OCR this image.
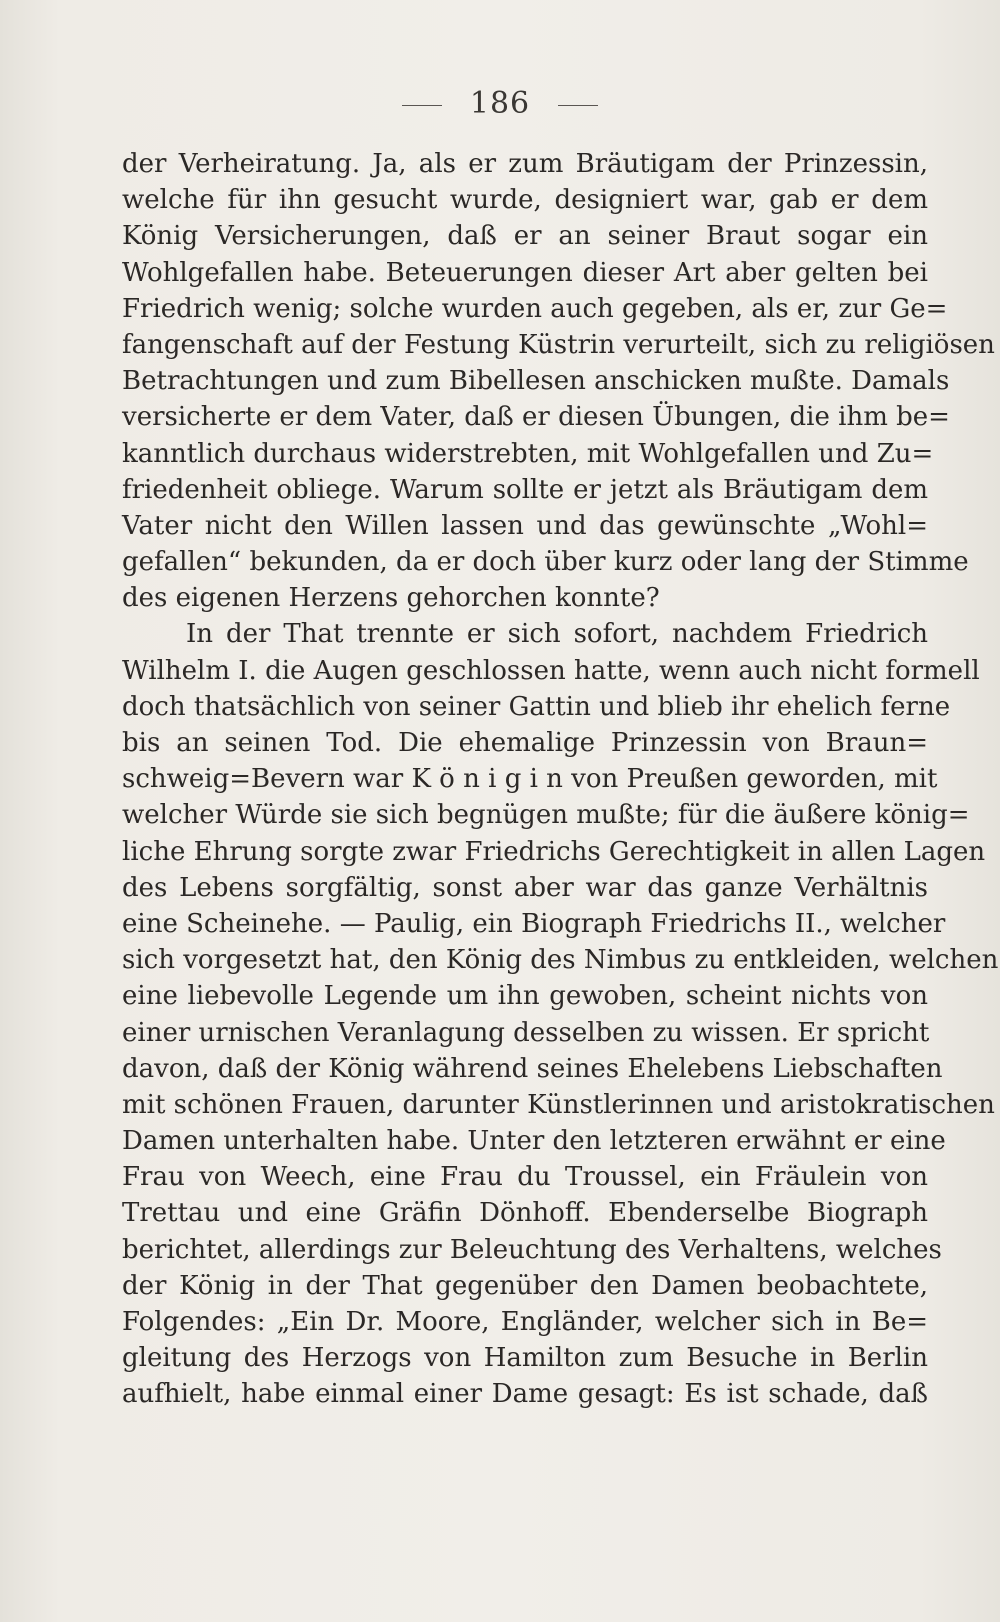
186
der Verheiratung. Ja, als er zum Bräutigam der Prinzessin,
welche für ihn gesucht wurde, designiert war, gab er dem
König Versicherungen, daß er an seiner Braut sogar ein
Wohlgefallen habe. Beteuerungen dieser Art aber gelten bei
Friedrich wenig; solche wurden auch gegeben, als er, zur Ge=
fangenschaft auf der Festung Küstrin verurteilt, sich zu religiösen
Betrachtungen und zum Bibellesen anschicken mußte. Damals
versicherte er dem Vater, daß er diesen Übungen, die ihm be=
kanntlich durchaus widerstrebten, mit Wohlgefallen und Zu=
friedenheit obliege. Warum sollte er jetzt als Bräutigam dem
Vater nicht den Willen lassen und das gewünschte „Wohl=
gefallen“ bekunden, da er doch über kurz oder lang der Stimme
des eigenen Herzens gehorchen konnte?
In der That trennte er sich sofort, nachdem Friedrich
Wilhelm I. die Augen geschlossen hatte, wenn auch nicht formell
doch thatsächlich von seiner Gattin und blieb ihr ehelich ferne
bis an seinen Tod. Die ehemalige Prinzessin von Braun=
schweig=Bevern war K ö n i g i n von Preußen geworden, mit
welcher Würde sie sich begnügen mußte; für die äußere könig=
liche Ehrung sorgte zwar Friedrichs Gerechtigkeit in allen Lagen
des Lebens sorgfältig, sonst aber war das ganze Verhältnis
eine Scheinehe. — Paulig, ein Biograph Friedrichs II., welcher
sich vorgesetzt hat, den König des Nimbus zu entkleiden, welchen
eine liebevolle Legende um ihn gewoben, scheint nichts von
einer urnischen Veranlagung desselben zu wissen. Er spricht
davon, daß der König während seines Ehelebens Liebschaften
mit schönen Frauen, darunter Künstlerinnen und aristokratischen
Damen unterhalten habe. Unter den letzteren erwähnt er eine
Frau von Weech, eine Frau du Troussel, ein Fräulein von
Trettau und eine Gräfin Dönhoff. Ebenderselbe Biograph
berichtet, allerdings zur Beleuchtung des Verhaltens, welches
der König in der That gegenüber den Damen beobachtete,
Folgendes: „Ein Dr. Moore, Engländer, welcher sich in Be=
gleitung des Herzogs von Hamilton zum Besuche in Berlin
aufhielt, habe einmal einer Dame gesagt: Es ist schade, daß
